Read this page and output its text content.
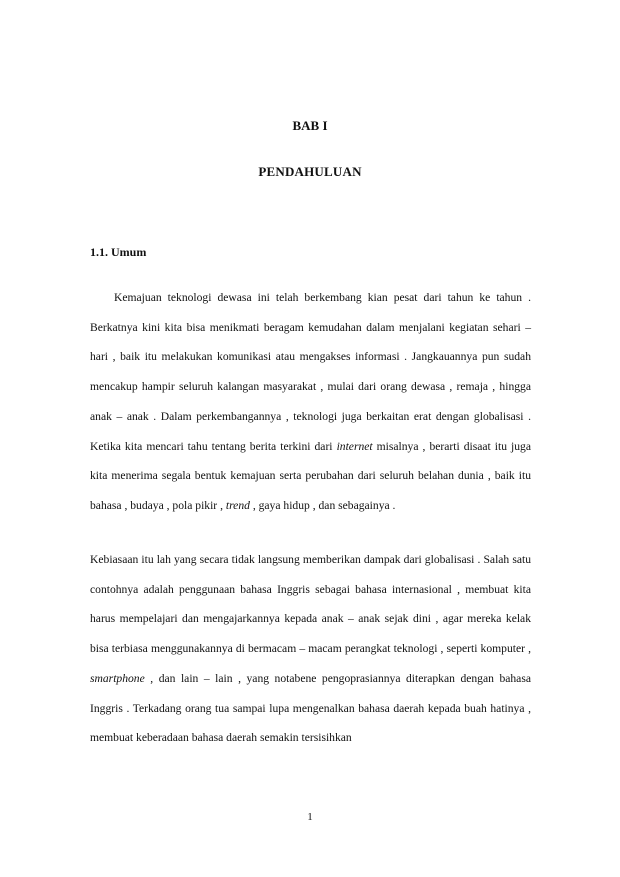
BAB I
PENDAHULUAN
1.1. Umum

Kemajuan teknologi dewasa ini telah berkembang kian pesat dari tahun ke tahun . Berkatnya kini kita bisa menikmati beragam kemudahan dalam menjalani kegiatan sehari – hari , baik itu melakukan komunikasi atau mengakses informasi . Jangkauannya pun sudah mencakup hampir seluruh kalangan masyarakat , mulai dari orang dewasa , remaja , hingga anak – anak . Dalam perkembangannya , teknologi juga berkaitan erat dengan globalisasi . Ketika kita mencari tahu tentang berita terkini dari internet misalnya , berarti disaat itu juga kita menerima segala bentuk kemajuan serta perubahan dari seluruh belahan dunia , baik itu bahasa , budaya , pola pikir , trend , gaya hidup , dan sebagainya .

Kebiasaan itu lah yang secara tidak langsung memberikan dampak dari globalisasi . Salah satu contohnya adalah penggunaan bahasa Inggris sebagai bahasa internasional , membuat kita harus mempelajari dan mengajarkannya kepada anak – anak sejak dini , agar mereka kelak bisa terbiasa menggunakannya di bermacam – macam perangkat teknologi , seperti komputer , smartphone , dan lain – lain , yang notabene pengoprasiannya diterapkan dengan bahasa Inggris . Terkadang orang tua sampai lupa mengenalkan bahasa daerah kepada buah hatinya , membuat keberadaan bahasa daerah semakin tersisihkan

1
